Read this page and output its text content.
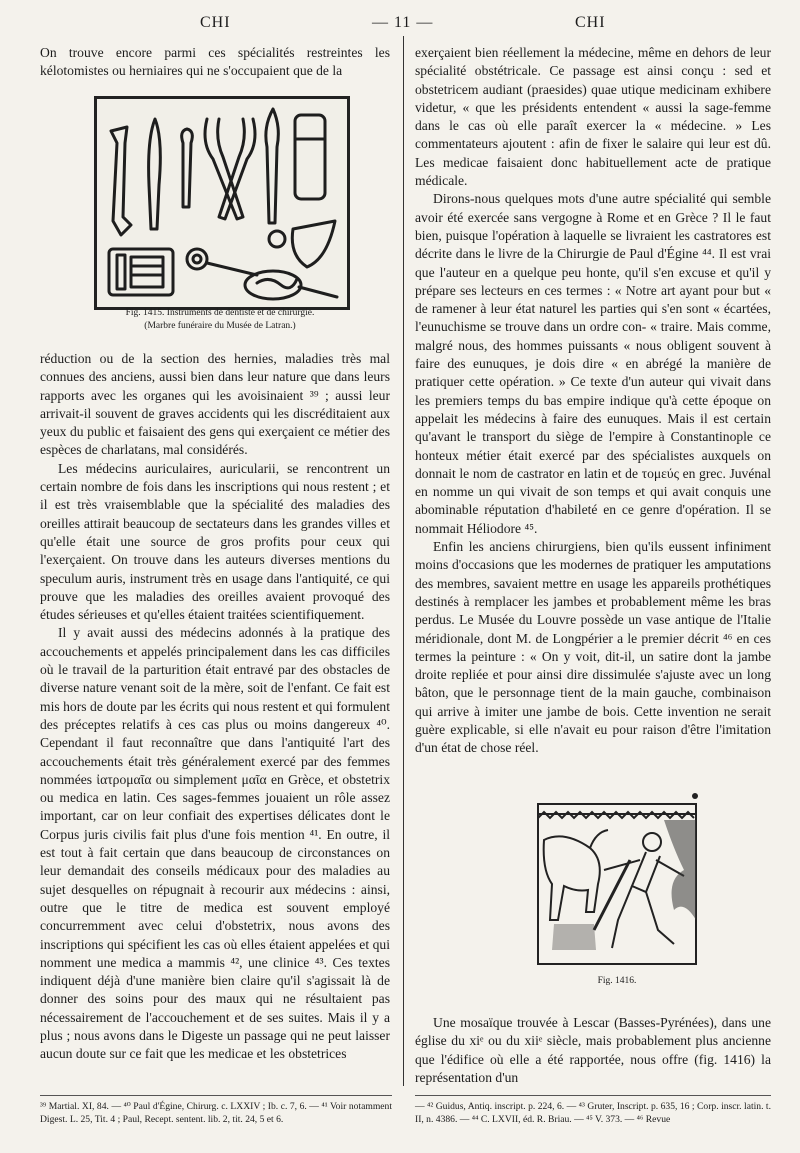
CHI	— 11 —	CHI

On trouve encore parmi ces spécialités restreintes les kélotomistes ou herniaires qui ne s'occupaient que de la

Fig. 1415. Instruments de dentiste et de chirurgie.
(Marbre funéraire du Musée de Latran.)

réduction ou de la section des hernies, maladies très mal connues des anciens, aussi bien dans leur nature que dans leurs rapports avec les organes qui les avoisinaient ³⁹ ; aussi leur arrivait-il souvent de graves accidents qui les discréditaient aux yeux du public et faisaient des gens qui exerçaient ce métier des espèces de charlatans, mal considérés.

Les médecins auriculaires, auricularii, se rencontrent un certain nombre de fois dans les inscriptions qui nous restent ; et il est très vraisemblable que la spécialité des maladies des oreilles attirait beaucoup de sectateurs dans les grandes villes et qu'elle était une source de gros profits pour ceux qui l'exerçaient. On trouve dans les auteurs diverses mentions du speculum auris, instrument très en usage dans l'antiquité, ce qui prouve que les maladies des oreilles avaient provoqué des études sérieuses et qu'elles étaient traitées scientifiquement.

Il y avait aussi des médecins adonnés à la pratique des accouchements et appelés principalement dans les cas difficiles où le travail de la parturition était entravé par des obstacles de diverse nature venant soit de la mère, soit de l'enfant. Ce fait est mis hors de doute par les écrits qui nous restent et qui formulent des préceptes relatifs à ces cas plus ou moins dangereux ⁴⁰. Cependant il faut reconnaître que dans l'antiquité l'art des accouchements était très généralement exercé par des femmes nommées ἰατρομαῖα ou simplement μαῖα en Grèce, et obstetrix ou medica en latin. Ces sages-femmes jouaient un rôle assez important, car on leur confiait des expertises délicates dont le Corpus juris civilis fait plus d'une fois mention ⁴¹. En outre, il est tout à fait certain que dans beaucoup de circonstances on leur demandait des conseils médicaux pour des maladies au sujet desquelles on répugnait à recourir aux médecins : ainsi, outre que le titre de medica est souvent employé concurremment avec celui d'obstetrix, nous avons des inscriptions qui spécifient les cas où elles étaient appelées et qui nomment une medica a mammis ⁴², une clinice ⁴³. Ces textes indiquent déjà d'une manière bien claire qu'il s'agissait là de donner des soins pour des maux qui ne résultaient pas nécessairement de l'accouchement et de ses suites. Mais il y a plus ; nous avons dans le Digeste un passage qui ne peut laisser aucun doute sur ce fait que les medicae et les obstetrices

exerçaient bien réellement la médecine, même en dehors de leur spécialité obstétricale. Ce passage est ainsi conçu : sed et obstetricem audiant (praesides) quae utique medicinam exhibere videtur, « que les présidents entendent « aussi la sage-femme dans le cas où elle paraît exercer la « médecine. » Les commentateurs ajoutent : afin de fixer le salaire qui leur est dû. Les medicae faisaient donc habituellement acte de pratique médicale.

Dirons-nous quelques mots d'une autre spécialité qui semble avoir été exercée sans vergogne à Rome et en Grèce ? Il le faut bien, puisque l'opération à laquelle se livraient les castratores est décrite dans le livre de la Chirurgie de Paul d'Égine ⁴⁴. Il est vrai que l'auteur en a quelque peu honte, qu'il s'en excuse et qu'il y prépare ses lecteurs en ces termes : « Notre art ayant pour but « de ramener à leur état naturel les parties qui s'en sont « écartées, l'eunuchisme se trouve dans un ordre con- « traire. Mais comme, malgré nous, des hommes puissants « nous obligent souvent à faire des eunuques, je dois dire « en abrégé la manière de pratiquer cette opération. » Ce texte d'un auteur qui vivait dans les premiers temps du bas empire indique qu'à cette époque on appelait les médecins à faire des eunuques. Mais il est certain qu'avant le transport du siège de l'empire à Constantinople ce honteux métier était exercé par des spécialistes auxquels on donnait le nom de castrator en latin et de τομεύς en grec. Juvénal en nomme un qui vivait de son temps et qui avait conquis une abominable réputation d'habileté en ce genre d'opération. Il se nommait Héliodore ⁴⁵.

Enfin les anciens chirurgiens, bien qu'ils eussent infiniment moins d'occasions que les modernes de pratiquer les amputations des membres, savaient mettre en usage les appareils prothétiques destinés à remplacer les jambes et probablement même les bras perdus. Le Musée du Louvre possède un vase antique de l'Italie méridionale, dont M. de Longpérier a le premier décrit ⁴⁶ en ces termes la peinture : « On y voit, dit-il, un satire dont la jambe droite repliée et pour ainsi dire dissimulée s'ajuste avec un long bâton, que le personnage tient de la main gauche, combinaison qui arrive à imiter une jambe de bois. Cette invention ne serait guère explicable, si elle n'avait eu pour raison d'être l'imitation d'un état de chose réel.

Fig. 1416.

Une mosaïque trouvée à Lescar (Basses-Pyrénées), dans une église du xiᵉ ou du xiiᵉ siècle, mais probablement plus ancienne que l'édifice où elle a été rapportée, nous offre (fig. 1416) la représentation d'un

³⁹ Martial. XI, 84. — ⁴⁰ Paul d'Égine, Chirurg. c. LXXIV ; Ib. c. 7, 6. — ⁴¹ Voir notamment Digest. L. 25, Tit. 4 ; Paul, Recept. sentent. lib. 2, tit. 24, 5 et 6.
— ⁴² Guidus, Antiq. inscript. p. 224, 6. — ⁴³ Gruter, Inscript. p. 635, 16 ; Corp. inscr. latin. t. II, n. 4386. — ⁴⁴ C. LXVII, éd. R. Briau. — ⁴⁵ V. 373. — ⁴⁶ Revue
